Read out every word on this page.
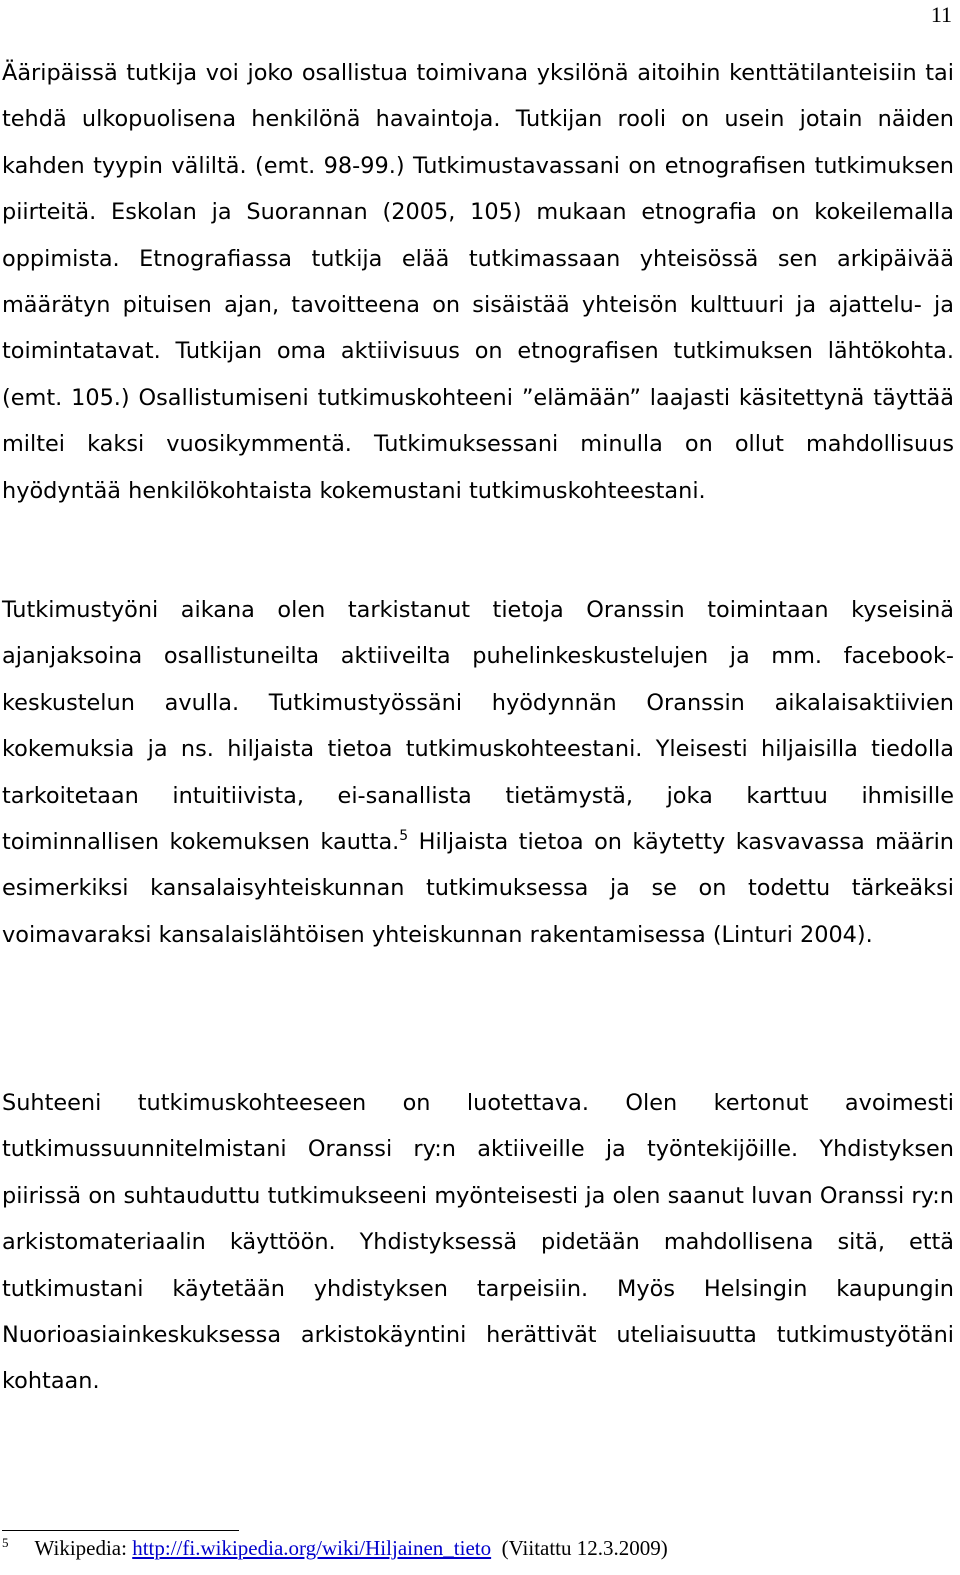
11

Ääripäissä tutkija voi joko osallistua toimivana yksilönä aitoihin kenttätilanteisiin tai tehdä ulkopuolisena henkilönä havaintoja. Tutkijan rooli on usein jotain näiden kahden tyypin väliltä. (emt. 98-99.) Tutkimustavassani on etnografisen tutkimuksen piirteitä. Eskolan ja Suorannan (2005, 105) mukaan etnografia on kokeilemalla oppimista. Etnografiassa tutkija elää tutkimassaan yhteisössä sen arkipäivää määrätyn pituisen ajan, tavoitteena on sisäistää yhteisön kulttuuri ja ajattelu- ja toimintatavat. Tutkijan oma aktiivisuus on etnografisen tutkimuksen lähtökohta. (emt. 105.) Osallistumiseni tutkimuskohteeni ”elämään” laajasti käsitettynä täyttää miltei kaksi vuosikymmentä. Tutkimuksessani minulla on ollut mahdollisuus hyödyntää henkilökohtaista kokemustani tutkimuskohteestani.

Tutkimustyöni aikana olen tarkistanut tietoja Oranssin toimintaan kyseisinä ajanjaksoina osallistuneilta aktiiveilta puhelinkeskustelujen ja mm. facebook-keskustelun avulla. Tutkimustyössäni hyödynnän Oranssin aikalaisaktiivien kokemuksia ja ns. hiljaista tietoa tutkimuskohteestani. Yleisesti hiljaisilla tiedolla tarkoitetaan intuitiivista, ei-sanallista tietämystä, joka karttuu ihmisille toiminnallisen kokemuksen kautta.$^5$ Hiljaista tietoa on käytetty kasvavassa määrin esimerkiksi kansalaisyhteiskunnan tutkimuksessa ja se on todettu tärkeäksi voimavaraksi kansalaislähtöisen yhteiskunnan rakentamisessa (Linturi 2004).

Suhteeni tutkimuskohteeseen on luotettava. Olen kertonut avoimesti tutkimussuunnitelmistani Oranssi ry:n aktiiveille ja työntekijöille. Yhdistyksen piirissä on suhtauduttu tutkimukseeni myönteisesti ja olen saanut luvan Oranssi ry:n arkistomateriaalin käyttöön. Yhdistyksessä pidetään mahdollisena sitä, että tutkimustani käytetään yhdistyksen tarpeisiin. Myös Helsingin kaupungin Nuorioasiainkeskuksessa arkistokäyntini herättivät uteliaisuutta tutkimustyötäni kohtaan.

$^5$ Wikipedia: http://fi.wikipedia.org/wiki/Hiljainen_tieto (Viitattu 12.3.2009)
